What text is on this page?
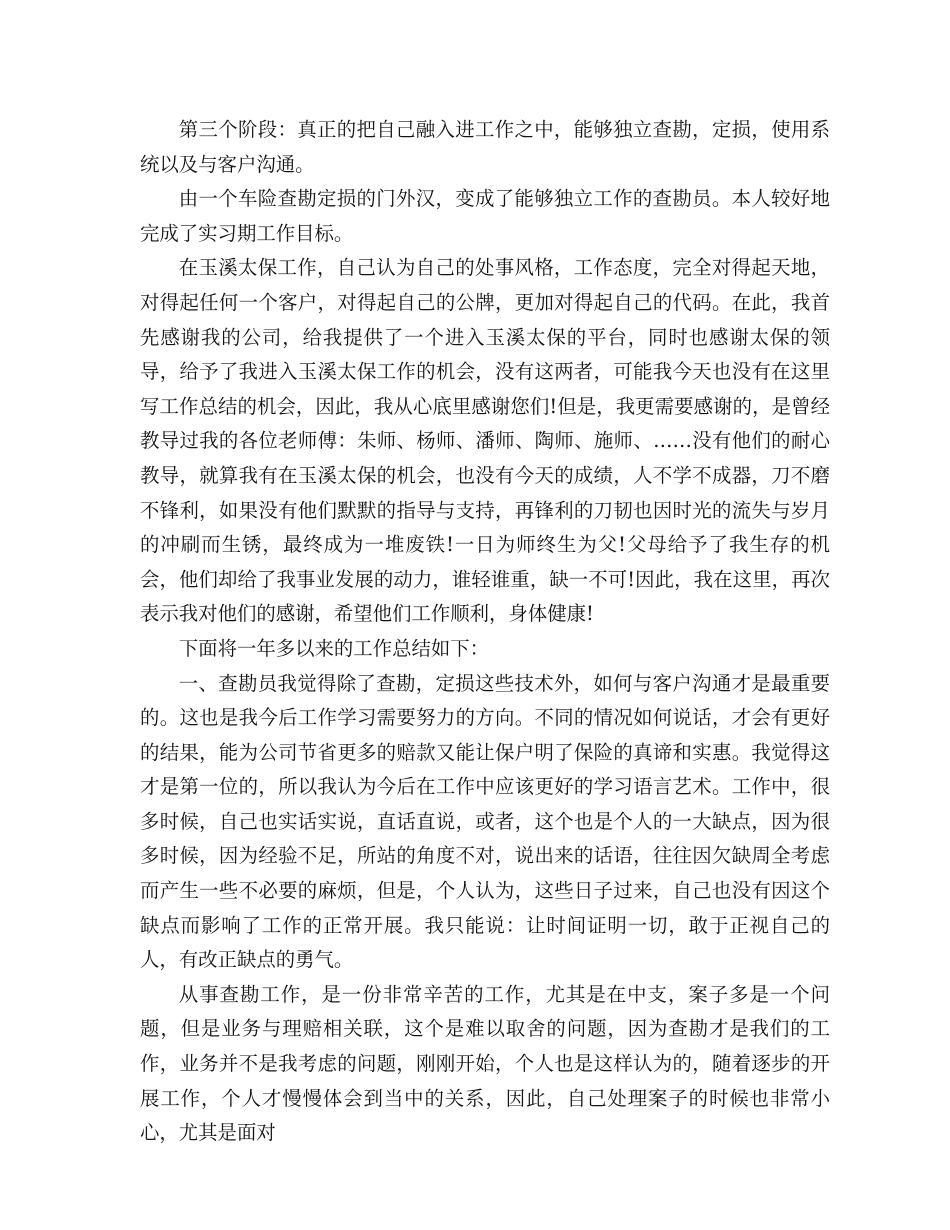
第三个阶段：真正的把自己融入进工作之中，能够独立查勘，定损，使用系统以及与客户沟通。

由一个车险查勘定损的门外汉，变成了能够独立工作的查勘员。本人较好地完成了实习期工作目标。

在玉溪太保工作，自己认为自己的处事风格，工作态度，完全对得起天地，对得起任何一个客户，对得起自己的公牌，更加对得起自己的代码。在此，我首先感谢我的公司，给我提供了一个进入玉溪太保的平台，同时也感谢太保的领导，给予了我进入玉溪太保工作的机会，没有这两者，可能我今天也没有在这里写工作总结的机会，因此，我从心底里感谢您们!但是，我更需要感谢的，是曾经教导过我的各位老师傅：朱师、杨师、潘师、陶师、施师、……没有他们的耐心教导，就算我有在玉溪太保的机会，也没有今天的成绩，人不学不成器，刀不磨不锋利，如果没有他们默默的指导与支持，再锋利的刀韧也因时光的流失与岁月的冲刷而生锈，最终成为一堆废铁!一日为师终生为父!父母给予了我生存的机会，他们却给了我事业发展的动力，谁轻谁重，缺一不可!因此，我在这里，再次表示我对他们的感谢，希望他们工作顺利，身体健康!

下面将一年多以来的工作总结如下：

一、查勘员我觉得除了查勘，定损这些技术外，如何与客户沟通才是最重要的。这也是我今后工作学习需要努力的方向。不同的情况如何说话，才会有更好的结果，能为公司节省更多的赔款又能让保户明了保险的真谛和实惠。我觉得这才是第一位的，所以我认为今后在工作中应该更好的学习语言艺术。工作中，很多时候，自己也实话实说，直话直说，或者，这个也是个人的一大缺点，因为很多时候，因为经验不足，所站的角度不对，说出来的话语，往往因欠缺周全考虑而产生一些不必要的麻烦，但是，个人认为，这些日子过来，自己也没有因这个缺点而影响了工作的正常开展。我只能说：让时间证明一切，敢于正视自己的人，有改正缺点的勇气。

从事查勘工作，是一份非常辛苦的工作，尤其是在中支，案子多是一个问题，但是业务与理赔相关联，这个是难以取舍的问题，因为查勘才是我们的工作，业务并不是我考虑的问题，刚刚开始，个人也是这样认为的，随着逐步的开展工作，个人才慢慢体会到当中的关系，因此，自己处理案子的时候也非常小心，尤其是面对
